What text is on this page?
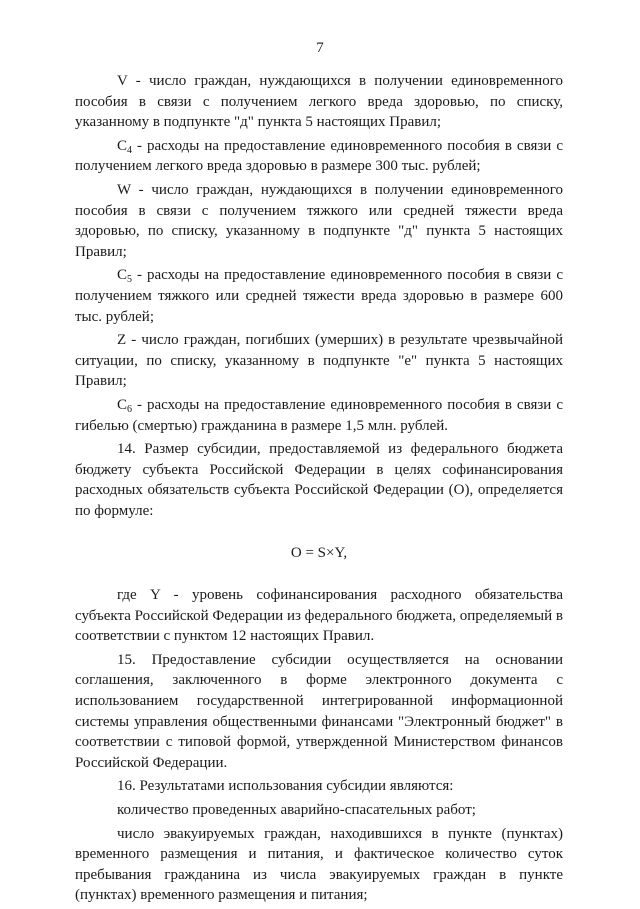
7

V - число граждан, нуждающихся в получении единовременного пособия в связи с получением легкого вреда здоровью, по списку, указанному в подпункте "д" пункта 5 настоящих Правил;

$C_4$ - расходы на предоставление единовременного пособия в связи с получением легкого вреда здоровью в размере 300 тыс. рублей;

W - число граждан, нуждающихся в получении единовременного пособия в связи с получением тяжкого или средней тяжести вреда здоровью, по списку, указанному в подпункте "д" пункта 5 настоящих Правил;

$C_5$ - расходы на предоставление единовременного пособия в связи с получением тяжкого или средней тяжести вреда здоровью в размере 600 тыс. рублей;

Z - число граждан, погибших (умерших) в результате чрезвычайной ситуации, по списку, указанному в подпункте "е" пункта 5 настоящих Правил;

$C_6$ - расходы на предоставление единовременного пособия в связи с гибелью (смертью) гражданина в размере 1,5 млн. рублей.

14. Размер субсидии, предоставляемой из федерального бюджета бюджету субъекта Российской Федерации в целях софинансирования расходных обязательств субъекта Российской Федерации (O), определяется по формуле:

O = S×Y,

где Y - уровень софинансирования расходного обязательства субъекта Российской Федерации из федерального бюджета, определяемый в соответствии с пунктом 12 настоящих Правил.

15. Предоставление субсидии осуществляется на основании соглашения, заключенного в форме электронного документа с использованием государственной интегрированной информационной системы управления общественными финансами "Электронный бюджет" в соответствии с типовой формой, утвержденной Министерством финансов Российской Федерации.

16. Результатами использования субсидии являются:

количество проведенных аварийно-спасательных работ;

число эвакуируемых граждан, находившихся в пункте (пунктах) временного размещения и питания, и фактическое количество суток пребывания гражданина из числа эвакуируемых граждан в пункте (пунктах) временного размещения и питания;
